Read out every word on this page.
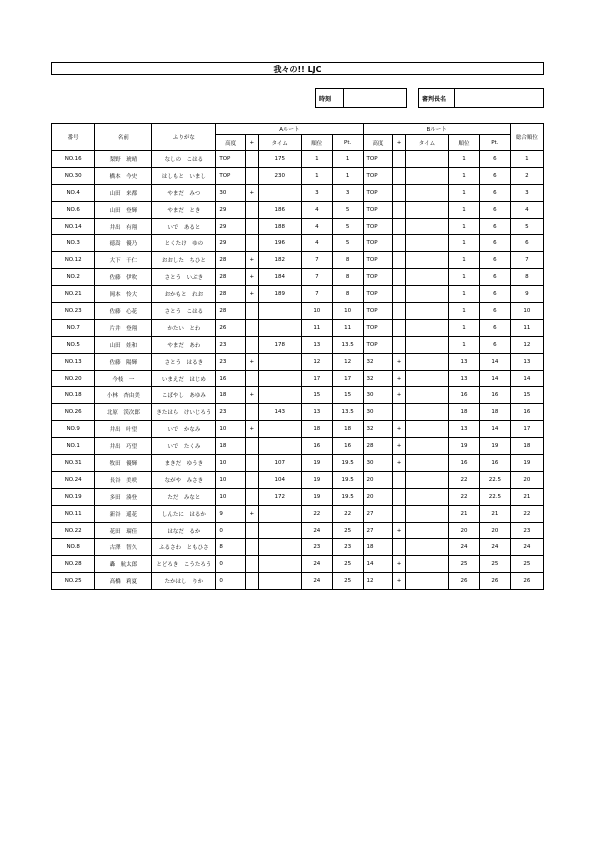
我々の!! LJC
時刻	審判長名
番号	名前	ふりがな	Aルート					Bルート					総合順位
			高度	+	タイム	順位	Pt.	高度	+	タイム	順位	Pt.	
NO.16	梨野　琥晴	なしの　こはる	TOP		175	1	1	TOP			1	6	1
NO.30	橋本　今史	はしもと　いまし	TOP		230	1	1	TOP			1	6	2
NO.4	山田　来都	やまだ　みつ	30	+		3	3	TOP			1	6	3
NO.6	山田　登輝	やまだ　とき	29		186	4	5	TOP			1	6	4
NO.14	井出　有翔	いで　あると	29		188	4	5	TOP			1	6	5
NO.3	徳嵩　優乃	とくたけ　ゆの	29		196	4	5	TOP			1	6	6
NO.12	大下　千仁	おおした　ちひと	28	+	182	7	8	TOP			1	6	7
NO.2	佐藤　伊吹	さとう　いぶき	28	+	184	7	8	TOP			1	6	8
NO.21	岡本　怜大	おかもと　れお	28	+	189	7	8	TOP			1	6	9
NO.23	佐藤　心花	さとう　こはる	28			10	10	TOP			1	6	10
NO.7	片井　登翔	かたい　とわ	26			11	11	TOP			1	6	11
NO.5	山田　娃和	やまだ　あわ	23		178	13	13.5	TOP			1	6	12
NO.13	佐藤　陽輝	さとう　はるき	23	+		12	12	32	+		13	14	13
NO.20	今枝　一	いまえだ　はじめ	16			17	17	32	+		13	14	14
NO.18	小林　杏由美	こばやし　あゆみ	18	+		15	15	30	+		16	16	15
NO.26	北原　渓次郎	きたはら　けいじろう	23		143	13	13.5	30			18	18	16
NO.9	井出　叶望	いで　かなみ	10	+		18	18	32	+		13	14	17
NO.1	井出　巧望	いで　たくみ	18			16	16	28	+		19	19	18
NO.31	牧田　優輝	まきだ　ゆうき	10		107	19	19.5	30	+		16	16	19
NO.24	長谷　美咲	ながや　みさき	10		104	19	19.5	20			22	22.5	20
NO.19	多田　湊登	ただ　みなと	10		172	19	19.5	20			22	22.5	21
NO.11	新谷　遥花	しんたに　はるか	9	+		22	22	27			21	21	22
NO.22	花田　瑠佳	はなだ　るか	0			24	25	27	+		20	20	23
NO.8	古澤　智久	ふるさわ　ともひさ	8			23	23	18			24	24	24
NO.28	轟　航太郎	とどろき　こうたろう	0			24	25	14	+		25	25	25
NO.25	高橋　莉夏	たかはし　りか	0			24	25	12	+		26	26	26
